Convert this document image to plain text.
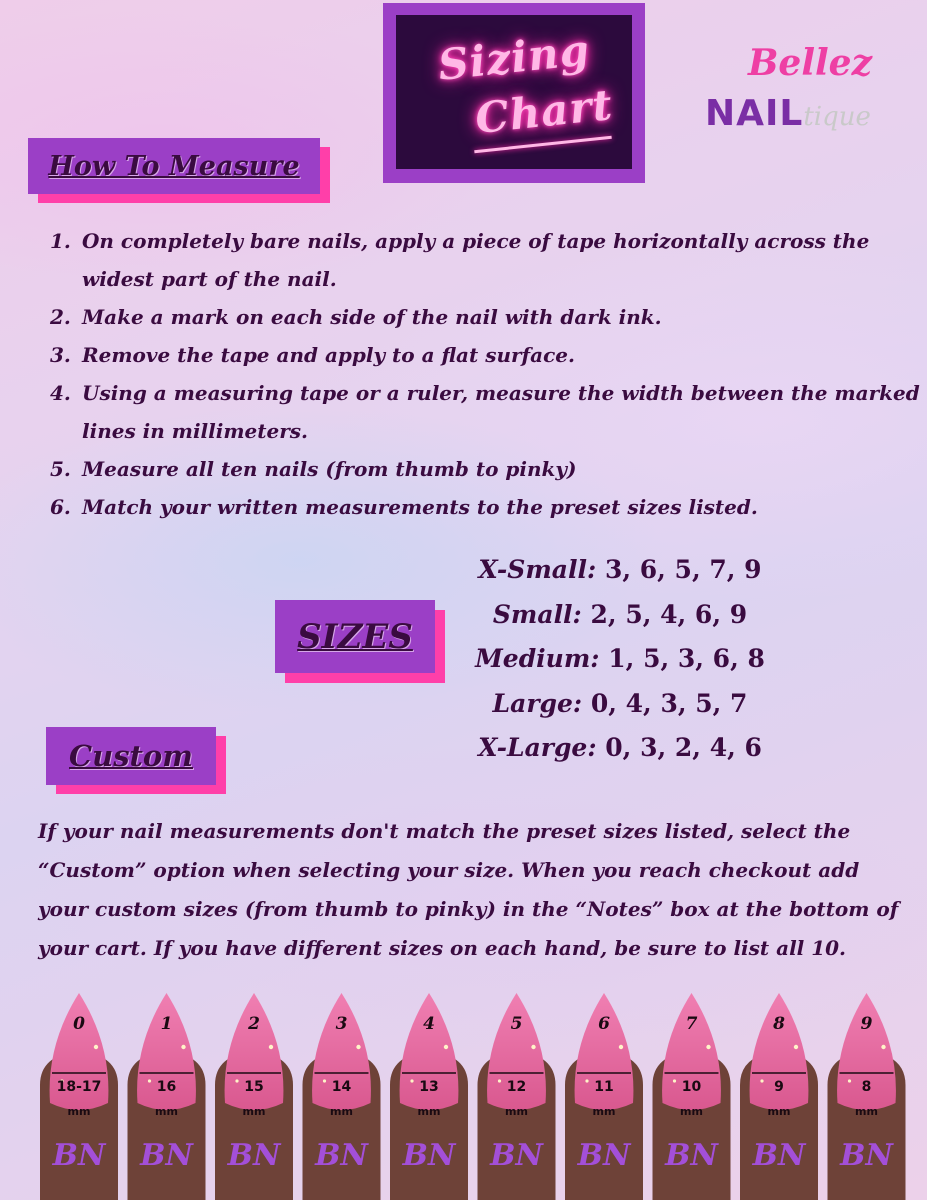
Sizing
Chart
Bellez
NAILtique
How To Measure
1. On completely bare nails, apply a piece of tape horizontally across the widest part of the nail.
2. Make a mark on each side of the nail with dark ink.
3. Remove the tape and apply to a flat surface.
4. Using a measuring tape or a ruler, measure the width between the marked lines in millimeters.
5. Measure all ten nails (from thumb to pinky)
6. Match your written measurements to the preset sizes listed.
SIZES
X-Small: 3, 6, 5, 7, 9
Small: 2, 5, 4, 6, 9
Medium: 1, 5, 3, 6, 8
Large: 0, 4, 3, 5, 7
X-Large: 0, 3, 2, 4, 6
Custom
If your nail measurements don't match the preset sizes listed, select the “Custom” option when selecting your size. When you reach checkout add your custom sizes (from thumb to pinky) in the “Notes” box at the bottom of your cart. If you have different sizes on each hand, be sure to list all 10.
0
18-17
mm
BN
1
16
mm
BN
2
15
mm
BN
3
14
mm
BN
4
13
mm
BN
5
12
mm
BN
6
11
mm
BN
7
10
mm
BN
8
9
mm
BN
9
8
mm
BN
